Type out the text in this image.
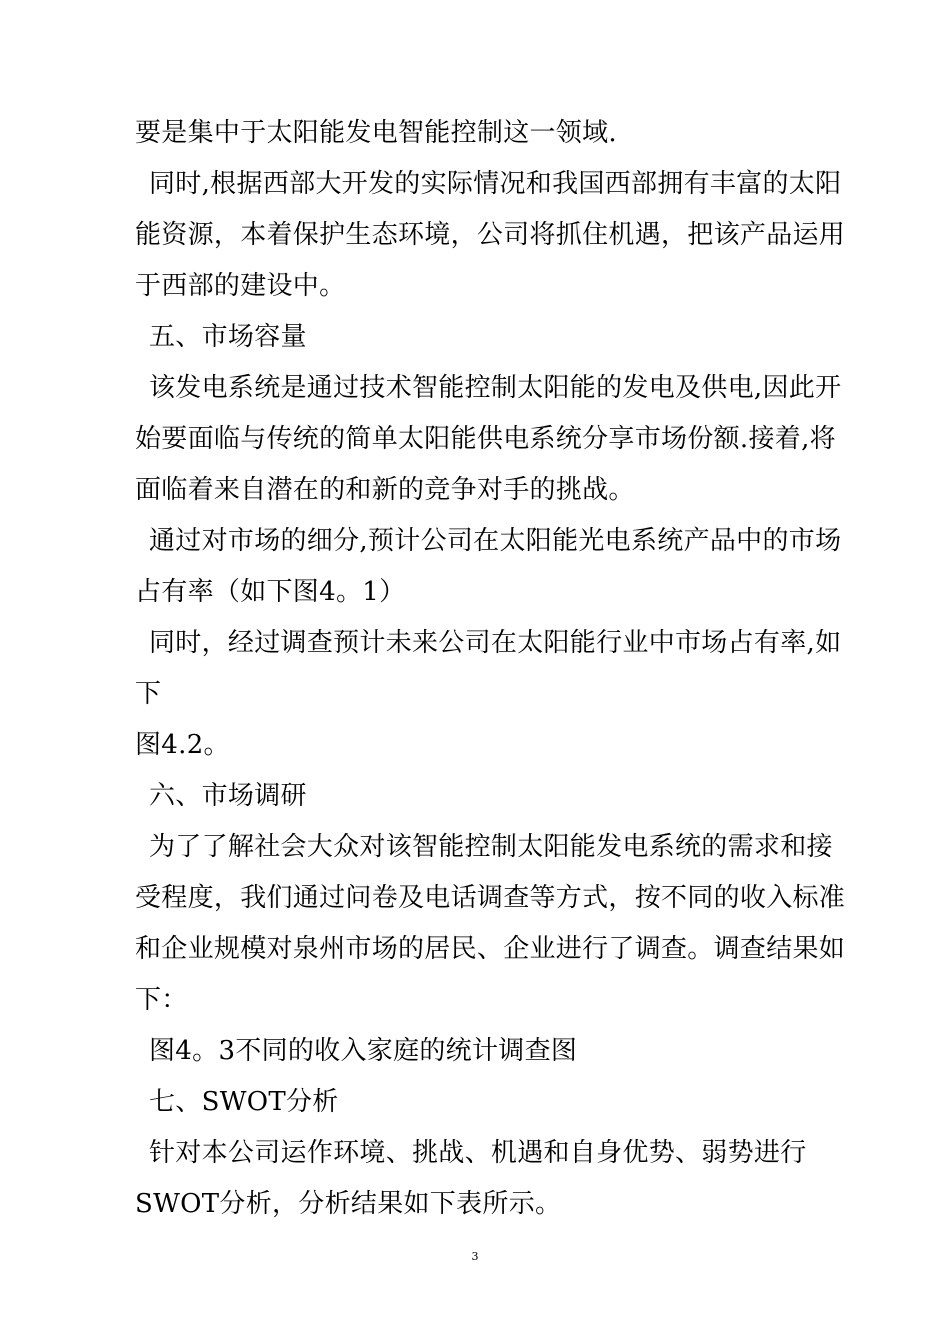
要是集中于太阳能发电智能控制这一领域.
同时,根据西部大开发的实际情况和我国西部拥有丰富的太阳
能资源，本着保护生态环境，公司将抓住机遇，把该产品运用
于西部的建设中。
五、市场容量
该发电系统是通过技术智能控制太阳能的发电及供电,因此开
始要面临与传统的简单太阳能供电系统分享市场份额.接着,将
面临着来自潜在的和新的竞争对手的挑战。
通过对市场的细分,预计公司在太阳能光电系统产品中的市场
占有率（如下图4。1）
同时，经过调查预计未来公司在太阳能行业中市场占有率,如
下
图4.2。
六、市场调研
为了了解社会大众对该智能控制太阳能发电系统的需求和接
受程度，我们通过问卷及电话调查等方式，按不同的收入标准
和企业规模对泉州市场的居民、企业进行了调查。调查结果如
下：
图4。3不同的收入家庭的统计调查图
七、SWOT分析
针对本公司运作环境、挑战、机遇和自身优势、弱势进行
SWOT分析，分析结果如下表所示。
3
